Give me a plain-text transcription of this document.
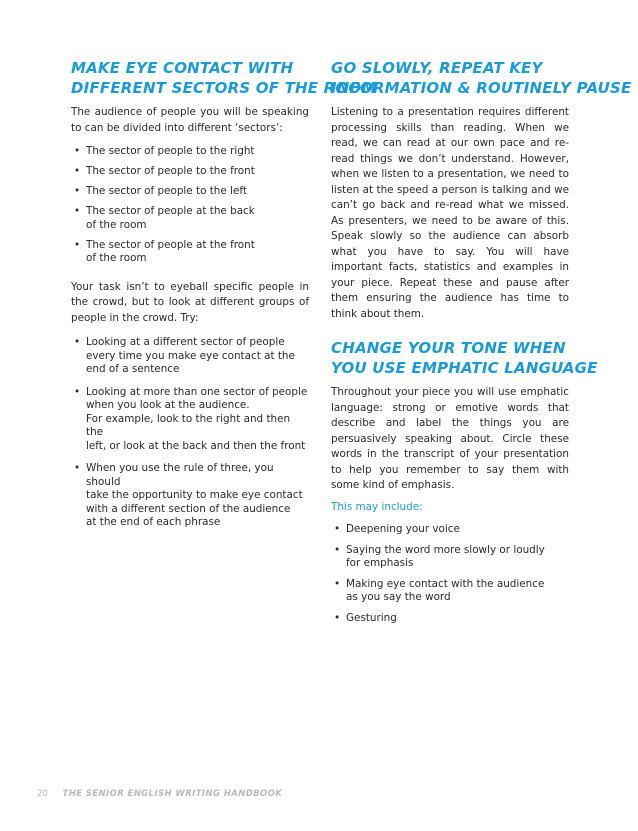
MAKE EYE CONTACT WITH
DIFFERENT SECTORS OF THE ROOM

The audience of people you will be speaking to can be divided into different ‘sectors’:

• The sector of people to the right
• The sector of people to the front
• The sector of people to the left
• The sector of people at the back
of the room
• The sector of people at the front
of the room

Your task isn’t to eyeball specific people in the crowd, but to look at different groups of people in the crowd. Try:

• Looking at a different sector of people
every time you make eye contact at the
end of a sentence
• Looking at more than one sector of people
when you look at the audience.
For example, look to the right and then the
left, or look at the back and then the front
• When you use the rule of three, you should
take the opportunity to make eye contact
with a different section of the audience
at the end of each phrase
GO SLOWLY, REPEAT KEY
INFORMATION & ROUTINELY PAUSE

Listening to a presentation requires different processing skills than reading. When we read, we can read at our own pace and re-read things we don’t understand. However, when we listen to a presentation, we need to listen at the speed a person is talking and we can’t go back and re-read what we missed. As presenters, we need to be aware of this. Speak slowly so the audience can absorb what you have to say. You will have important facts, statistics and examples in your piece. Repeat these and pause after them ensuring the audience has time to think about them.

CHANGE YOUR TONE WHEN
YOU USE EMPHATIC LANGUAGE

Throughout your piece you will use emphatic language: strong or emotive words that describe and label the things you are persuasively speaking about. Circle these words in the transcript of your presentation to help you remember to say them with some kind of emphasis.

This may include:

• Deepening your voice
• Saying the word more slowly or loudly
for emphasis
• Making eye contact with the audience
as you say the word
• Gesturing
20 THE SENIOR ENGLISH WRITING HANDBOOK
